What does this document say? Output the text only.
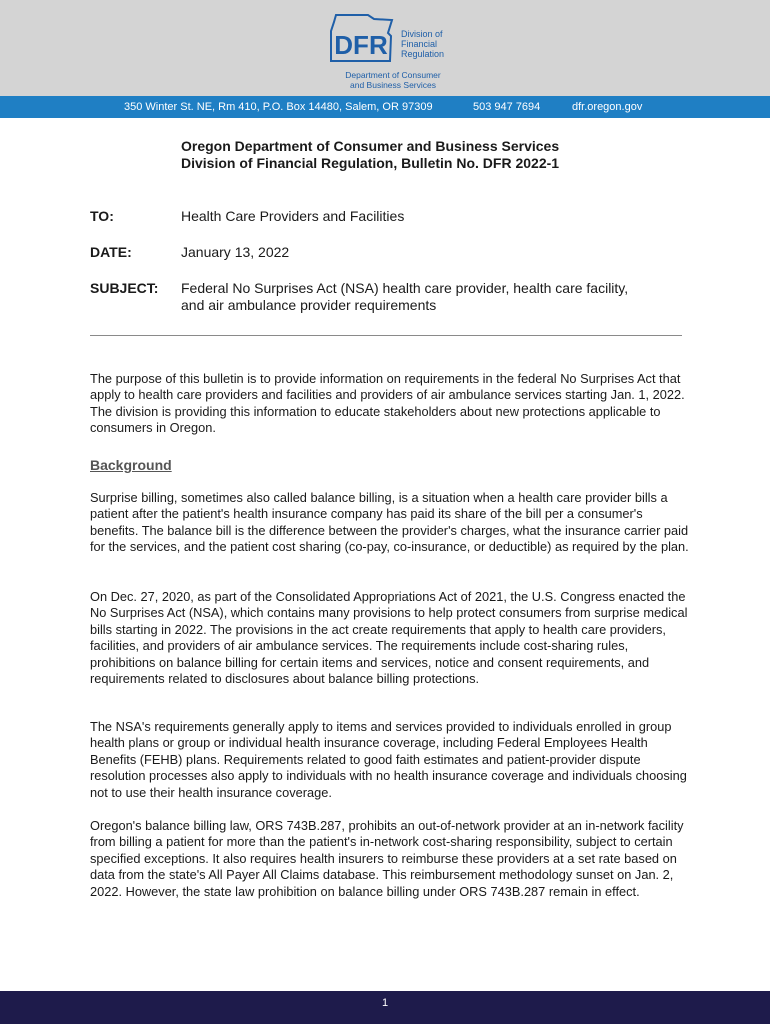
DFR Division of
Financial
Regulation
Department of Consumer
and Business Services
350 Winter St. NE, Rm 410, P.O. Box 14480, Salem, OR 97309	503 947 7694	dfr.oregon.gov
Oregon Department of Consumer and Business Services
Division of Financial Regulation, Bulletin No. DFR 2022-1
TO:	Health Care Providers and Facilities
DATE:	January 13, 2022
SUBJECT: Federal No Surprises Act (NSA) health care provider, health care facility,
and air ambulance provider requirements

The purpose of this bulletin is to provide information on requirements in the federal No Surprises Act that apply to health care providers and facilities and providers of air ambulance services starting Jan. 1, 2022. The division is providing this information to educate stakeholders about new protections applicable to consumers in Oregon.

Background

Surprise billing, sometimes also called balance billing, is a situation when a health care provider bills a patient after the patient's health insurance company has paid its share of the bill per a consumer's benefits. The balance bill is the difference between the provider's charges, what the insurance carrier paid for the services, and the patient cost sharing (co-pay, co-insurance, or deductible) as required by the plan.

On Dec. 27, 2020, as part of the Consolidated Appropriations Act of 2021, the U.S. Congress enacted the No Surprises Act (NSA), which contains many provisions to help protect consumers from surprise medical bills starting in 2022. The provisions in the act create requirements that apply to health care providers, facilities, and providers of air ambulance services. The requirements include cost-sharing rules, prohibitions on balance billing for certain items and services, notice and consent requirements, and requirements related to disclosures about balance billing protections.

The NSA's requirements generally apply to items and services provided to individuals enrolled in group health plans or group or individual health insurance coverage, including Federal Employees Health Benefits (FEHB) plans. Requirements related to good faith estimates and patient-provider dispute resolution processes also apply to individuals with no health insurance coverage and individuals choosing not to use their health insurance coverage.

Oregon's balance billing law, ORS 743B.287, prohibits an out-of-network provider at an in-network facility from billing a patient for more than the patient's in-network cost-sharing responsibility, subject to certain specified exceptions. It also requires health insurers to reimburse these providers at a set rate based on data from the state's All Payer All Claims database. This reimbursement methodology sunset on Jan. 2, 2022. However, the state law prohibition on balance billing under ORS 743B.287 remain in effect.

1
